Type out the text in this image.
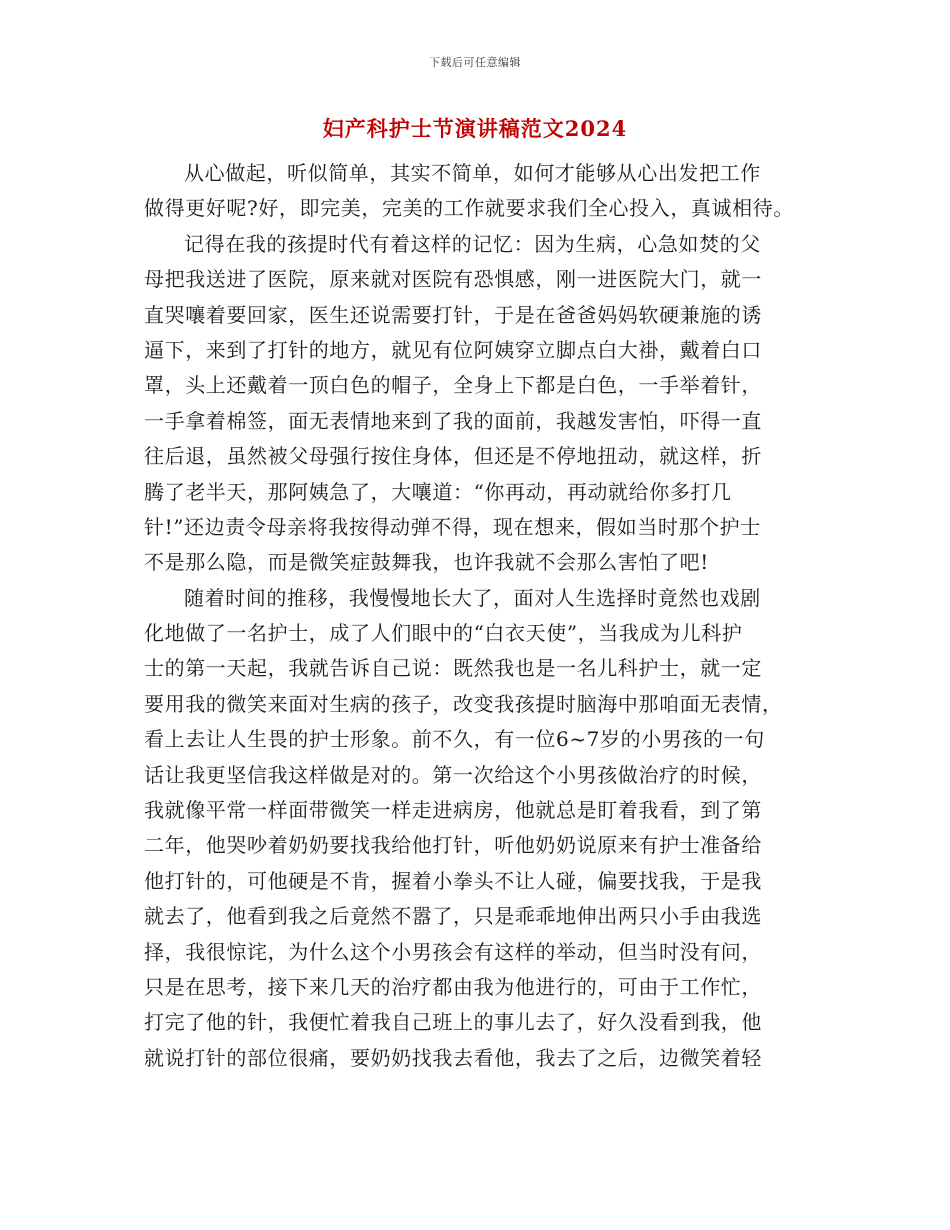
下载后可任意编辑
妇产科护士节演讲稿范文2024
从心做起，听似简单，其实不简单，如何才能够从心出发把工作
做得更好呢?好，即完美，完美的工作就要求我们全心投入，真诚相待。
记得在我的孩提时代有着这样的记忆：因为生病，心急如焚的父
母把我送进了医院，原来就对医院有恐惧感，刚一进医院大门，就一
直哭嚷着要回家，医生还说需要打针，于是在爸爸妈妈软硬兼施的诱
逼下，来到了打针的地方，就见有位阿姨穿立脚点白大褂，戴着白口
罩，头上还戴着一顶白色的帽子，全身上下都是白色，一手举着针，
一手拿着棉签，面无表情地来到了我的面前，我越发害怕，吓得一直
往后退，虽然被父母强行按住身体，但还是不停地扭动，就这样，折
腾了老半天，那阿姨急了，大嚷道：“你再动，再动就给你多打几
针!”还边责令母亲将我按得动弹不得，现在想来，假如当时那个护士
不是那么隐，而是微笑症鼓舞我，也许我就不会那么害怕了吧!
随着时间的推移，我慢慢地长大了，面对人生选择时竟然也戏剧
化地做了一名护士，成了人们眼中的“白衣天使”，当我成为儿科护
士的第一天起，我就告诉自己说：既然我也是一名儿科护士，就一定
要用我的微笑来面对生病的孩子，改变我孩提时脑海中那咱面无表情，
看上去让人生畏的护士形象。前不久，有一位6~7岁的小男孩的一句
话让我更坚信我这样做是对的。第一次给这个小男孩做治疗的时候，
我就像平常一样面带微笑一样走进病房，他就总是盯着我看，到了第
二年，他哭吵着奶奶要找我给他打针，听他奶奶说原来有护士准备给
他打针的，可他硬是不肯，握着小拳头不让人碰，偏要找我，于是我
就去了，他看到我之后竟然不嚣了，只是乖乖地伸出两只小手由我选
择，我很惊诧，为什么这个小男孩会有这样的举动，但当时没有问，
只是在思考，接下来几天的治疗都由我为他进行的，可由于工作忙，
打完了他的针，我便忙着我自己班上的事儿去了，好久没看到我，他
就说打针的部位很痛，要奶奶找我去看他，我去了之后，边微笑着轻
